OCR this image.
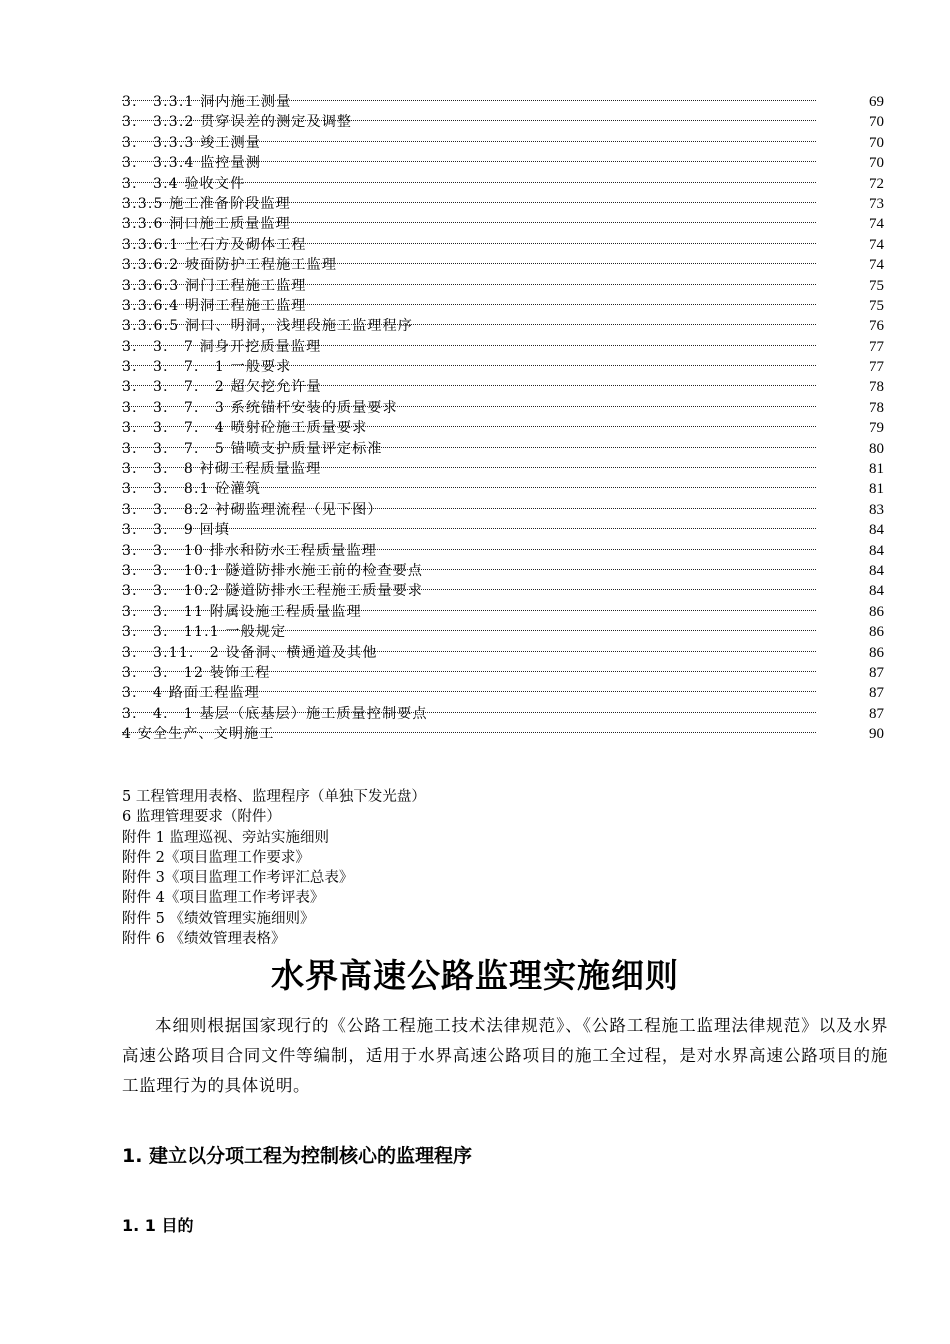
3． 3.3.1 洞内施工测量	69
3． 3.3.2 贯穿误差的测定及调整	70
3． 3.3.3 竣工测量	70
3． 3.3.4 监控量测	70
3． 3.4 验收文件	72
3.3.5 施工准备阶段监理	73
3.3.6 洞口施工质量监理	74
3.3.6.1 土石方及砌体工程	74
3.3.6.2 坡面防护工程施工监理	74
3.3.6.3 洞门工程施工监理	75
3.3.6.4 明洞工程施工监理	75
3.3.6.5 洞口、明洞，浅埋段施工监理程序	76
3． 3． 7 洞身开挖质量监理	77
3． 3． 7． 1 一般要求	77
3． 3． 7． 2 超欠挖允许量	78
3． 3． 7． 3 系统锚杆安装的质量要求	78
3． 3． 7． 4 喷射砼施工质量要求	79
3． 3． 7． 5 锚喷支护质量评定标准	80
3． 3． 8 衬砌工程质量监理	81
3． 3． 8.1 砼灌筑	81
3． 3． 8.2 衬砌监理流程（见下图）	83
3． 3． 9 回填	84
3． 3． 10 排水和防水工程质量监理	84
3． 3． 10.1 隧道防排水施工前的检查要点	84
3． 3． 10.2 隧道防排水工程施工质量要求	84
3． 3． 11 附属设施工程质量监理	86
3． 3． 11.1 一般规定	86
3． 3.11． 2 设备洞、横通道及其他	86
3． 3． 12 装饰工程	87
3． 4 路面工程监理	87
3． 4． 1 基层（底基层）施工质量控制要点	87
4 安全生产、文明施工	90
5 工程管理用表格、监理程序（单独下发光盘）
6 监理管理要求（附件）
附件 1 监理巡视、旁站实施细则
附件 2《项目监理工作要求》
附件 3《项目监理工作考评汇总表》
附件 4《项目监理工作考评表》
附件 5 《绩效管理实施细则》
附件 6 《绩效管理表格》
水界高速公路监理实施细则
本细则根据国家现行的《公路工程施工技术法律规范》、《公路工程施工监理法律规范》以及水界高速公路项目合同文件等编制，适用于水界高速公路项目的施工全过程，是对水界高速公路项目的施工监理行为的具体说明。
1. 建立以分项工程为控制核心的监理程序
1. 1 目的
